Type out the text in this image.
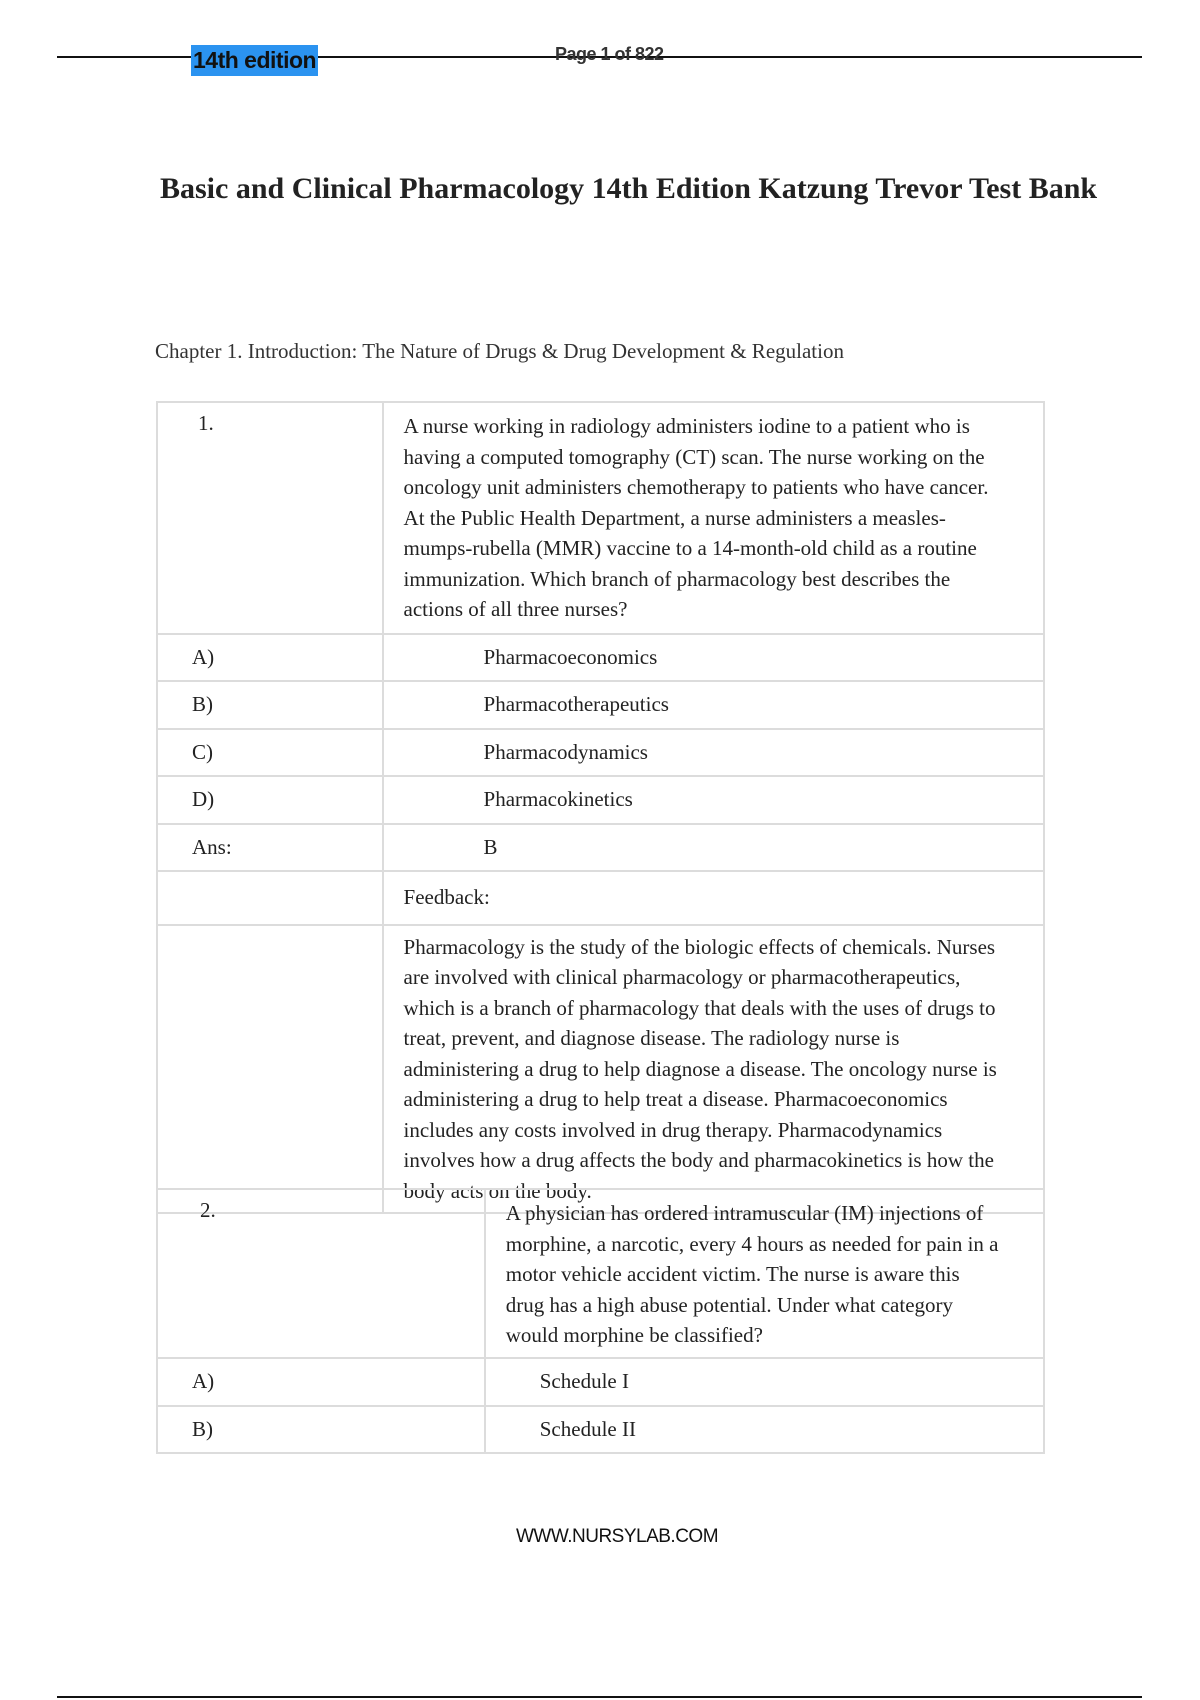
14th edition	Page 1 of 822
Basic and Clinical Pharmacology 14th Edition Katzung Trevor Test Bank
Chapter 1. Introduction: The Nature of Drugs & Drug Development & Regulation
1.	A nurse working in radiology administers iodine to a patient who is having a computed tomography (CT) scan. The nurse working on the oncology unit administers chemotherapy to patients who have cancer. At the Public Health Department, a nurse administers a measles-mumps-rubella (MMR) vaccine to a 14-month-old child as a routine immunization. Which branch of pharmacology best describes the actions of all three nurses?
A)	Pharmacoeconomics
B)	Pharmacotherapeutics
C)	Pharmacodynamics
D)	Pharmacokinetics
Ans:	B
	Feedback:
	Pharmacology is the study of the biologic effects of chemicals. Nurses are involved with clinical pharmacology or pharmacotherapeutics, which is a branch of pharmacology that deals with the uses of drugs to treat, prevent, and diagnose disease. The radiology nurse is administering a drug to help diagnose a disease. The oncology nurse is administering a drug to help treat a disease. Pharmacoeconomics includes any costs involved in drug therapy. Pharmacodynamics involves how a drug affects the body and pharmacokinetics is how the body acts on the body.
2.	A physician has ordered intramuscular (IM) injections of morphine, a narcotic, every 4 hours as needed for pain in a motor vehicle accident victim. The nurse is aware this drug has a high abuse potential. Under what category would morphine be classified?
A)	Schedule I
B)	Schedule II
WWW.NURSYLAB.COM
